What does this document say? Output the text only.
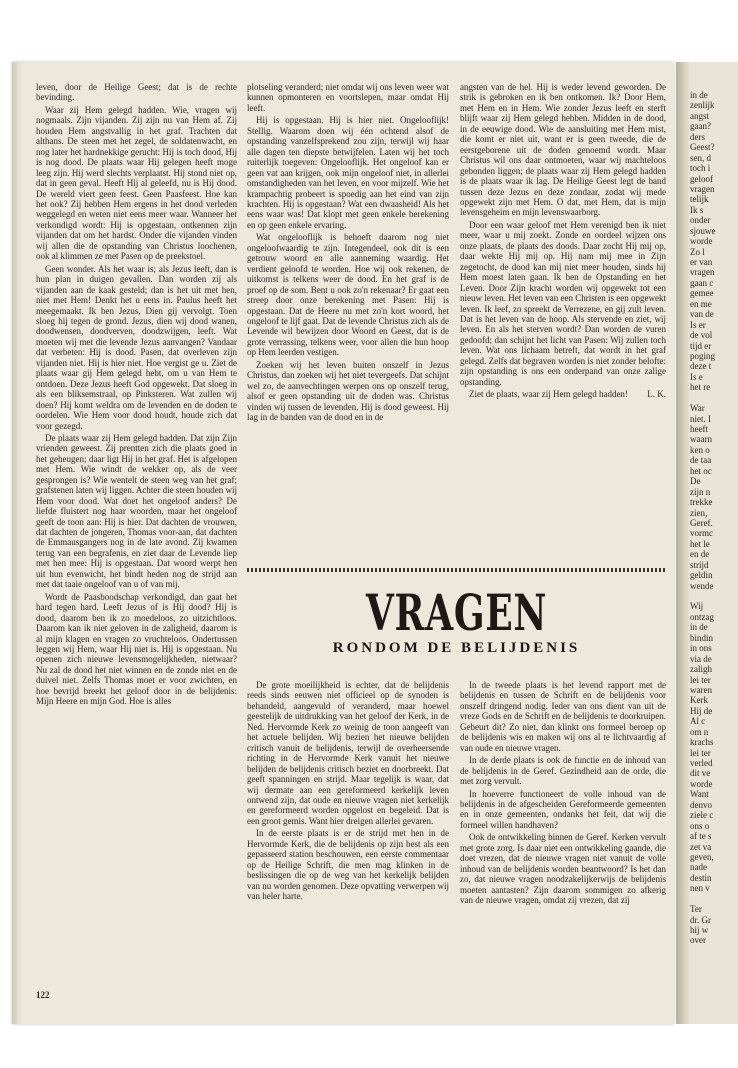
in de
zenlijk
angst
gaan?
ders
Geest?
sen, d
toch i
geloof
vragen
telijk
Ik s
onder
sjouwe
worde
Zo l
er van
vragen
gaan c
gemee
en me
van de
Is er
de vol
tijd er
poging
deze t
Is e
het re
War
niet. I
heeft
waarn
ken o
de taa
het oc
De
zijn n
trekke
zien,
Geref.
vormc
het le
en de
strijd
geldin
wende
Wij
ontzag
in de
bindin
in ons
via de
zaligh
lei ter
waren
Kerk
Hij de
Al c
om n
krachs
lei ter
verled
dit ve
worde
Want
denvo
ziele c
ons o
af te s
zet va
geven,
nade
destin
nen v
Ter
dr. Gr
hij w
over

leven, door de Heilige Geest; dat is de rechte bevinding.

Waar zij Hem gelegd hadden. Wie, vragen wij nogmaals. Zijn vijanden. Zij zijn nu van Hem af. Zij houden Hem angstvallig in het graf. Trachten dat althans. De steen met het zegel, de soldatenwacht, en nog later het hardnekkige gerucht: Hij is toch dood, Hij is nog dood. De plaats waar Hij gelegen heeft moge leeg zijn. Hij werd slechts verplaatst. Hij stond niet op, dat in geen geval. Heeft Hij al geleefd, nu is Hij dood. De wereld viert geen feest. Geen Paasfeest. Hoe kan het ook? Zij hebben Hem ergens in het dood verleden weggelegd en weten niet eens meer waar. Wanneer het verkondigd wordt: Hij is opgestaan, ontkennen zijn vijanden dat om het hardst. Onder die vijanden vinden wij allen die de opstanding van Christus loochenen, ook al klimmen ze met Pasen op de preekstoel.

Geen wonder. Als het waar is; als Jezus leeft, dan is hun plan in duigen gevallen. Dan worden zij als vijanden aan de kaak gesteld; dan is het uit met hen, niet met Hem! Denkt het u eens in. Paulus heeft het meegemaakt. Ik ben Jezus, Dien gij vervolgt. Toen sloeg hij tegen de grond. Jezus, dien wij dood wanen, doodwensen, doodverven, doodzwijgen, leeft. Wat moeten wij met die levende Jezus aanvangen? Vandaar dat verbeten: Hij is dood. Pasen, dat overleven zijn vijanden niet. Hij is hier niet. Hoe vergist ge u. Ziet de plaats waar gij Hem gelegd hebt, om u van Hem te ontdoen. Deze Jezus heeft God opgewekt. Dat sloeg in als een bliksemstraal, op Pinksteren. Wat zullen wij doen? Hij komt weldra om de levenden en de doden te oordelen. Wie Hem voor dood houdt, houde zich dat voor gezegd.

De plaats waar zij Hem gelegd hadden. Dat zijn Zijn vrienden geweest. Zij prentten zich die plaats goed in het geheugen; daar ligt Hij in het graf. Het is afgelopen met Hem. Wie windt de wekker op, als de veer gesprongen is? Wie wentelt de steen weg van het graf; grafstenen laten wij liggen. Achter die steen houden wij Hem voor dood. Wat doet het ongeloof anders? De liefde fluistert nog haar woorden, maar het ongeloof geeft de toon aan: Hij is hier. Dat dachten de vrouwen, dat dachten de jongeren, Thomas voor-aan, dat dachten de Emmausgangers nog in de late avond. Zij kwamen terug van een begrafenis, en ziet daar de Levende liep met hen mee: Hij is opgestaan. Dat woord werpt hen uit hun evenwicht, het bindt heden nog de strijd aan met dat taaie ongeloof van u of van mij.

Wordt de Paasboodschap verkondigd, dan gaat het hard tegen hard. Leeft Jezus of is Hij dood? Hij is dood, daarom ben ik zo moedeloos, zo uitzichtloos. Daarom kan ik niet geloven in de zaligheid, daarom is al mijn klagen en vragen zo vruchteloos. Ondertussen leggen wij Hem, waar Hij niet is. Hij is opgestaan. Nu openen zich nieuwe levensmogelijkheden, nietwaar? Nu zal de dood het niet winnen en de zonde niet en de duivel niet. Zelfs Thomas moet er voor zwichten, en hoe bevrijd breekt het geloof door in de belijdenis: Mijn Heere en mijn God. Hoe is alles

plotseling veranderd; niet omdat wij ons leven weer wat kunnen opmonteren en voortslepen, maar omdat Hij leeft.

Hij is opgestaan. Hij is hier niet. Ongelooflijk! Stellig. Waarom doen wij één ochtend alsof de opstanding vanzelfsprekend zou zijn, terwijl wij haar alle dagen ten diepste betwijfelen. Laten wij het toch ruiterlijk toegeven: Ongelooflijk. Het ongeloof kan er geen vat aan krijgen, ook mijn ongeloof niet, in allerlei omstandigheden van het leven, en voor mijzelf. Wie het krampachtig probeert is spoedig aan het eind van zijn krachten. Hij is opgestaan? Wat een dwaasheid! Als het eens waar was! Dat klopt met geen enkele berekening en op geen enkele ervaring.

Wat ongelooflijk is behoeft daarom nog niet ongeloofwaardig te zijn. Integendeel, ook dit is een getrouw woord en alle aanneming waardig. Het verdient geloofd te worden. Hoe wij ook rekenen, de uitkomst is telkens weer de dood. En het graf is de proef op de som. Bent u ook zo'n rekenaar? Er gaat een streep door onze berekening met Pasen: Hij is opgestaan. Dat de Heere nu met zo'n kort woord, het ongeloof te lijf gaat. Dat de levende Christus zich als de Levende wil bewijzen door Woord en Geest, dat is de grote verrassing, telkens weer, voor allen die hun hoop op Hem leerden vestigen.

Zoeken wij het leven buiten onszelf in Jezus Christus, dan zoeken wij het niet tevergeefs. Dat schijnt wel zo, de aanvechtingen werpen ons op onszelf terug, alsof er geen opstanding uit de doden was. Christus vinden wij tussen de levenden. Hij is dood geweest. Hij lag in de banden van de dood en in de

angsten van de hel. Hij is weder levend geworden. De strik is gebroken en ik ben ontkomen. Ik? Door Hem, met Hem en in Hem. Wie zonder Jezus leeft en sterft blijft waar zij Hem gelegd hebben. Midden in de dood, in de eeuwige dood. Wie de aansluiting met Hem mist, die komt er niet uit, want er is geen tweede, die de eerstgeborene uit de doden genoemd wordt. Maar Christus wil ons daar ontmoeten, waar wij machteloos gebonden liggen; de plaats waar zij Hem gelegd hadden is de plaats waar ik lag. De Heilige Geest legt de band tussen deze Jezus en deze zondaar, zodat wij mede opgewekt zijn met Hem. O dat, met Hem, dat is mijn levensgeheim en mijn levenswaarborg.

Door een waar geloof met Hem verenigd ben ik niet meer, waar u mij zoekt. Zonde en oordeel wijzen ons onze plaats, de plaats des doods. Daar zocht Hij mij op, daar wekte Hij mij op. Hij nam mij mee in Zijn zegetocht, de dood kan mij niet meer houden, sinds hij Hem moest laten gaan. Ik ben de Opstanding en het Leven. Door Zijn kracht worden wij opgewekt tot een nieuw leven. Het leven van een Christen is een opgewekt leven. Ik leef, zo spreekt de Verrezene, en gij zult leven. Dat is het leven van de hoop. Als stervende en ziet, wij leven. En als het sterven wordt? Dan worden de vuren gedoofd; dan schijnt het licht van Pasen: Wij zullen toch leven. Wat ons lichaam betreft, dat wordt in het graf gelegd. Zelfs dat begraven worden is niet zonder belofte: zijn opstanding is ons een onderpand van onze zalige opstanding.

Ziet de plaats, waar zij Hem gelegd hadden!	L. K.

VRAGEN
RONDOM DE BELIJDENIS

De grote moeilijkheid is echter, dat de belijdenis reeds sinds eeuwen niet officieel op de synoden is behandeld, aangevuld of veranderd, maar hoewel geestelijk de uitdrukking van het geloof der Kerk, in de Ned. Hervormde Kerk zo weinig de toon aangeeft van het actuele belijden. Wij bezien het nieuwe belijden critisch vanuit de belijdenis, terwijl de overheersende richting in de Hervormde Kerk vanuit het nieuwe belijden de belijdenis critisch beziet en doorbreekt. Dat geeft spanningen en strijd. Maar tegelijk is waar, dat wij dermate aan een gereformeerd kerkelijk leven ontwend zijn, dat oude en nieuwe vragen niet kerkelijk en gereformeerd worden opgelost en begeleid. Dat is een groot gemis. Want hier dreigen allerlei gevaren.

In de eerste plaats is er de strijd met hen in de Hervormde Kerk, die de belijdenis op zijn best als een gepasseerd station beschouwen, een eerste commentaar op de Heilige Schrift, die men mag klinken in de beslissingen die op de weg van het kerkelijk belijden van nu worden genomen. Deze opvatting verwerpen wij van heler harte.

In de tweede plaats is het levend rapport met de belijdenis en tussen de Schrift en de belijdenis voor onszelf dringend nodig. Ieder van ons dient van uit de vreze Gods en de Schrift en de belijdenis te doorkruipen. Gebeurt dit? Zo niet, dan klinkt ons formeel beroep op de belijdenis wis en maken wij ons al te lichtvaardig af van oude en nieuwe vragen.

In de derde plaats is ook de functie en de inhoud van de belijdenis in de Geref. Gezindheid aan de orde, die met zorg vervult.

In hoeverre functioneert de volle inhoud van de belijdenis in de afgescheiden Gereformeerde gemeenten en in onze gemeenten, ondanks het feit, dat wij die formeel willen handhaven?

Ook de ontwikkeling binnen de Geref. Kerken vervult met grote zorg. Is daar niet een ontwikkeling gaande, die doet vrezen, dat de nieuwe vragen niet vanuit de volle inhoud van de belijdenis worden beantwoord? Is het dan zo, dat nieuwe vragen noodzakelijkerwijs de belijdenis moeten aantasten? Zijn daarom sommigen zo afkerig van de nieuwe vragen, omdat zij vrezen, dat zij

122
